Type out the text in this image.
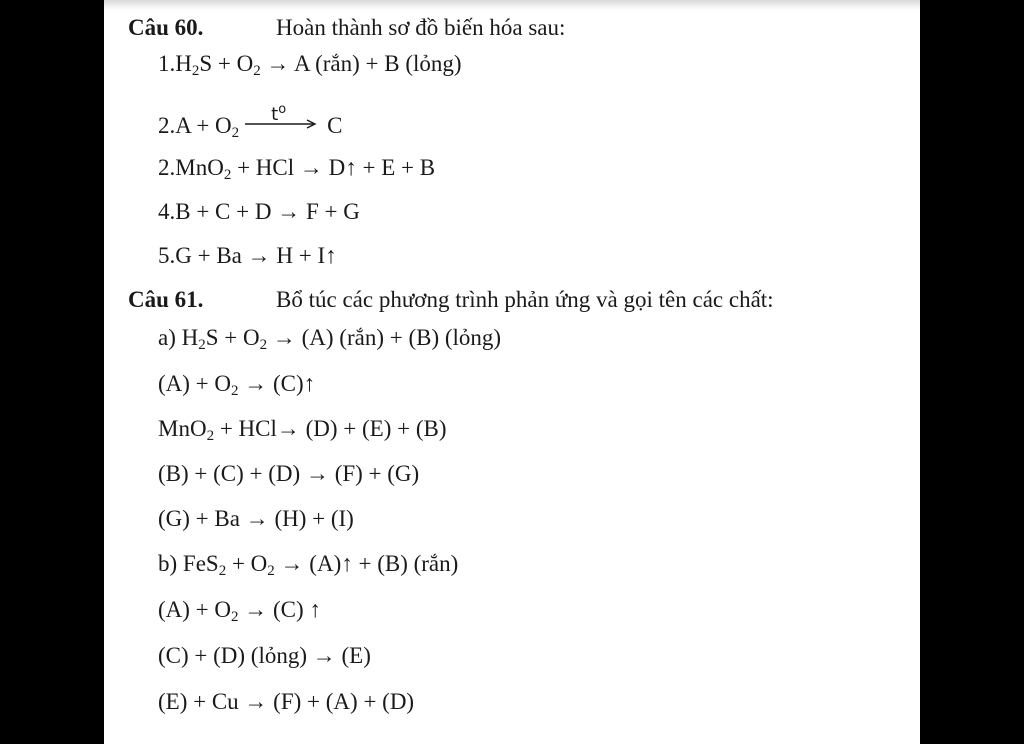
Câu 60.	Hoàn thành sơ đồ biến hóa sau:
$1.H_2S + O_2 \to A$ (rắn) + B (lỏng)
$2.A + O_2$
$t^o$
C
2.MnO$_2$ + HCl → D↑ + E + B
4.B + C + D → F + G
5.G + Ba → H + I↑
Câu 61.	Bổ túc các phương trình phản ứng và gọi tên các chất:
a) $H_2S + O_2 \to (A)$ (rắn) + (B) (lỏng)
$(A) + O_2$ → (C)↑
MnO$_2$ + HCl→ (D) + (E) + (B)
(B) + (C) + (D) → (F) + (G)
(G) + Ba → (H) + (I)
b) $FeS_2 + O_2$ → (A)↑ + (B) (rắn)
$(A) + O_2 \to (C)$ ↑
(C) + (D) (lỏng) → (E)
(E) + Cu → (F) + (A) + (D)
